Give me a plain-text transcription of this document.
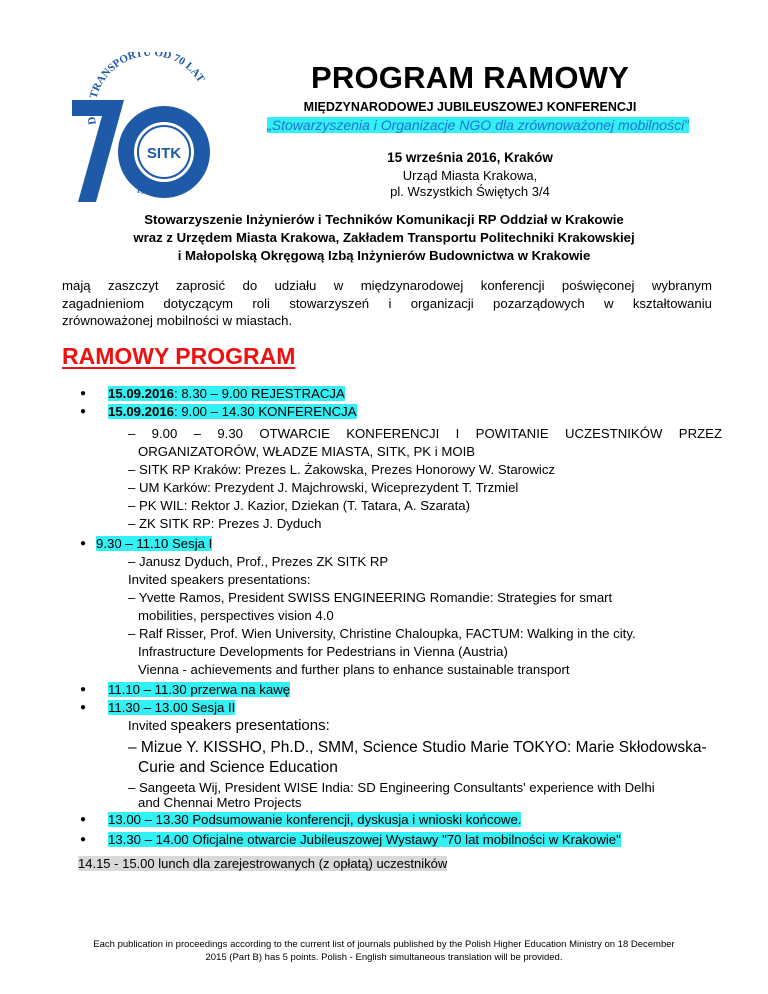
SITK
DLA TRANSPORTU OD 70 LAT
1946-2016
PROGRAM RAMOWY
MIĘDZYNARODOWEJ JUBILEUSZOWEJ KONFERENCJI
„Stowarzyszenia i Organizacje NGO dla zrównoważonej mobilności”
15 września 2016, Kraków
Urząd Miasta Krakowa,
pl. Wszystkich Świętych 3/4
Stowarzyszenie Inżynierów i Techników Komunikacji RP Oddział w Krakowie
wraz z Urzędem Miasta Krakowa, Zakładem Transportu Politechniki Krakowskiej
i Małopolską Okręgową Izbą Inżynierów Budownictwa w Krakowie
mają zaszczyt zaprosić do udziału w międzynarodowej konferencji poświęconej wybranym
zagadnieniom dotyczącym roli stowarzyszeń i organizacji pozarządowych w kształtowaniu
zrównoważonej mobilności w miastach.
RAMOWY PROGRAM
● 15.09.2016: 8.30 – 9.00 REJESTRACJA
● 15.09.2016: 9.00 – 14.30 KONFERENCJA
– 9.00 – 9.30 OTWARCIE KONFERENCJI I POWITANIE UCZESTNIKÓW PRZEZ
ORGANIZATORÓW, WŁADZE MIASTA, SITK, PK i MOIB
– SITK RP Kraków: Prezes L. Żakowska, Prezes Honorowy W. Starowicz
– UM Karków: Prezydent J. Majchrowski, Wiceprezydent T. Trzmiel
– PK WIL: Rektor J. Kazior, Dziekan (T. Tatara, A. Szarata)
– ZK SITK RP: Prezes J. Dyduch
● 9.30 – 11.10 Sesja I
– Janusz Dyduch, Prof., Prezes ZK SITK RP
Invited speakers presentations:
– Yvette Ramos, President SWISS ENGINEERING Romandie: Strategies for smart
mobilities, perspectives vision 4.0
– Ralf Risser, Prof. Wien University, Christine Chaloupka, FACTUM: Walking in the city.
Infrastructure Developments for Pedestrians in Vienna (Austria)
Vienna - achievements and further plans to enhance sustainable transport
● 11.10 – 11.30 przerwa na kawę
● 11.30 – 13.00 Sesja II
Invited speakers presentations:
– Mizue Y. KISSHO, Ph.D., SMM, Science Studio Marie TOKYO: Marie Skłodowska-
Curie and Science Education
– Sangeeta Wij, President WISE India: SD Engineering Consultants' experience with Delhi
and Chennai Metro Projects
● 13.00 – 13.30 Podsumowanie konferencji, dyskusja i wnioski końcowe.
● 13.30 – 14.00 Oficjalne otwarcie Jubileuszowej Wystawy "70 lat mobilności w Krakowie"
14.15 - 15.00 lunch dla zarejestrowanych (z opłatą) uczestników
Each publication in proceedings according to the current list of journals published by the Polish Higher Education Ministry on 18 December
2015 (Part B) has 5 points. Polish - English simultaneous translation will be provided.
